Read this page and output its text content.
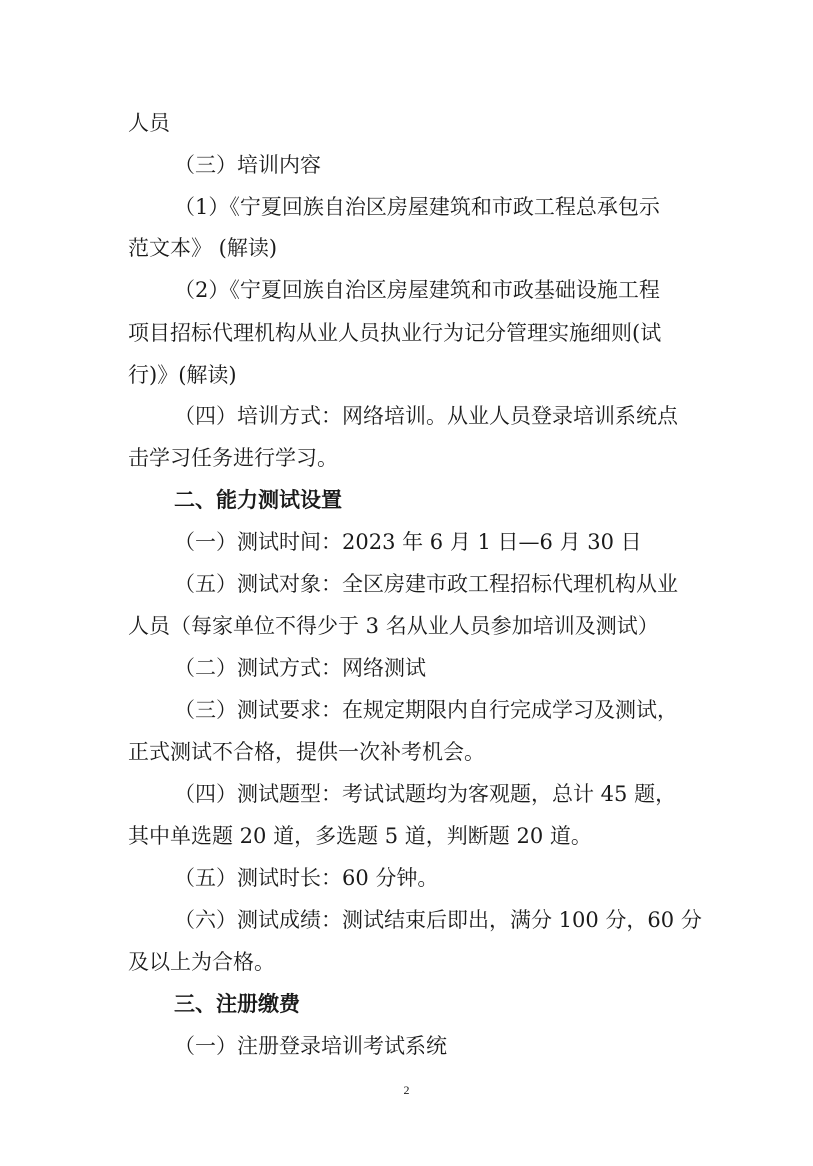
人员
（三）培训内容
（1）《宁夏回族自治区房屋建筑和市政工程总承包示
范文本》 (解读)
（2）《宁夏回族自治区房屋建筑和市政基础设施工程
项目招标代理机构从业人员执业行为记分管理实施细则(试
行)》(解读)
（四）培训方式：网络培训。从业人员登录培训系统点
击学习任务进行学习。
二、能力测试设置
（一）测试时间：2023 年 6 月 1 日—6 月 30 日
（五）测试对象：全区房建市政工程招标代理机构从业
人员（每家单位不得少于 3 名从业人员参加培训及测试）
（二）测试方式：网络测试
（三）测试要求：在规定期限内自行完成学习及测试，
正式测试不合格，提供一次补考机会。
（四）测试题型：考试试题均为客观题，总计 45 题，
其中单选题 20 道，多选题 5 道，判断题 20 道。
（五）测试时长：60 分钟。
（六）测试成绩：测试结束后即出，满分 100 分，60 分
及以上为合格。
三、注册缴费
（一）注册登录培训考试系统
2
